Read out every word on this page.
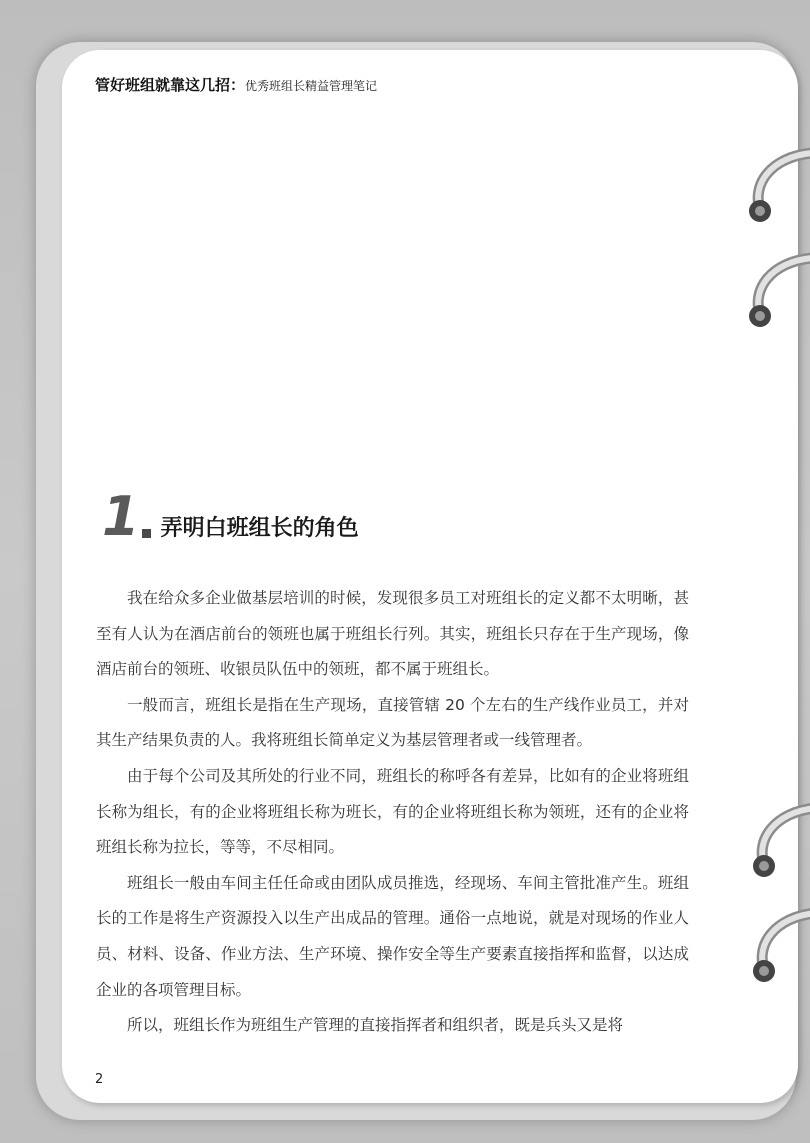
管好班组就靠这几招：优秀班组长精益管理笔记
1 弄明白班组长的角色

我在给众多企业做基层培训的时候，发现很多员工对班组长的定义都不太明晰，甚至有人认为在酒店前台的领班也属于班组长行列。其实，班组长只存在于生产现场，像酒店前台的领班、收银员队伍中的领班，都不属于班组长。

一般而言，班组长是指在生产现场，直接管辖 20 个左右的生产线作业员工，并对其生产结果负责的人。我将班组长简单定义为基层管理者或一线管理者。

由于每个公司及其所处的行业不同，班组长的称呼各有差异，比如有的企业将班组长称为组长，有的企业将班组长称为班长，有的企业将班组长称为领班，还有的企业将班组长称为拉长，等等，不尽相同。

班组长一般由车间主任任命或由团队成员推选，经现场、车间主管批准产生。班组长的工作是将生产资源投入以生产出成品的管理。通俗一点地说，就是对现场的作业人员、材料、设备、作业方法、生产环境、操作安全等生产要素直接指挥和监督，以达成企业的各项管理目标。

所以，班组长作为班组生产管理的直接指挥者和组织者，既是兵头又是将

2
